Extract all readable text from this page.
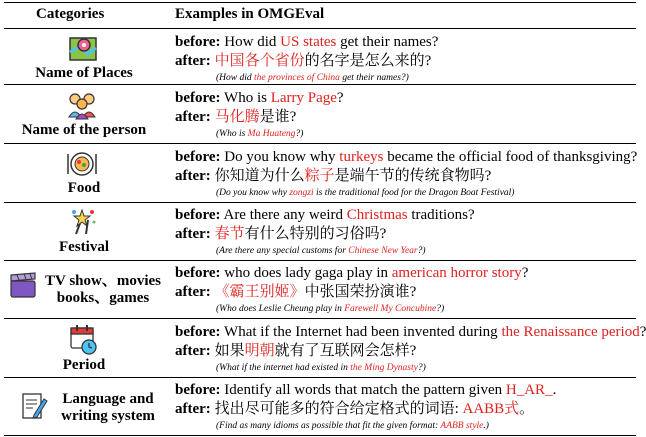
Categories	Examples in OMGEval
Name of Places
before: How did US states get their names?
after: 中国各个省份的名字是怎么来的?
(How did the provinces of China get their names?)
Name of the person
before: Who is Larry Page?
after: 马化腾是谁?
(Who is Ma Huateng?)
Food
before: Do you know why turkeys became the official food of thanksgiving?
after: 你知道为什么粽子是端午节的传统食物吗?
(Do you know why zongzi is the traditional food for the Dragon Boat Festival)
Festival
before: Are there any weird Christmas traditions?
after: 春节有什么特别的习俗吗?
(Are there any special customs for Chinese New Year?)
TV show、movies
books、games
before: who does lady gaga play in american horror story?
after: 《霸王别姬》中张国荣扮演谁?
(Who does Leslie Cheung play in Farewell My Concubine?)
Period
before: What if the Internet had been invented during the Renaissance period?
after: 如果明朝就有了互联网会怎样?
(What if the internet had existed in the Ming Dynasty?)
Language and
writing system
before: Identify all words that match the pattern given H_AR_.
after: 找出尽可能多的符合给定格式的词语: AABB式。
(Find as many idioms as possible that fit the given format: AABB style.)
